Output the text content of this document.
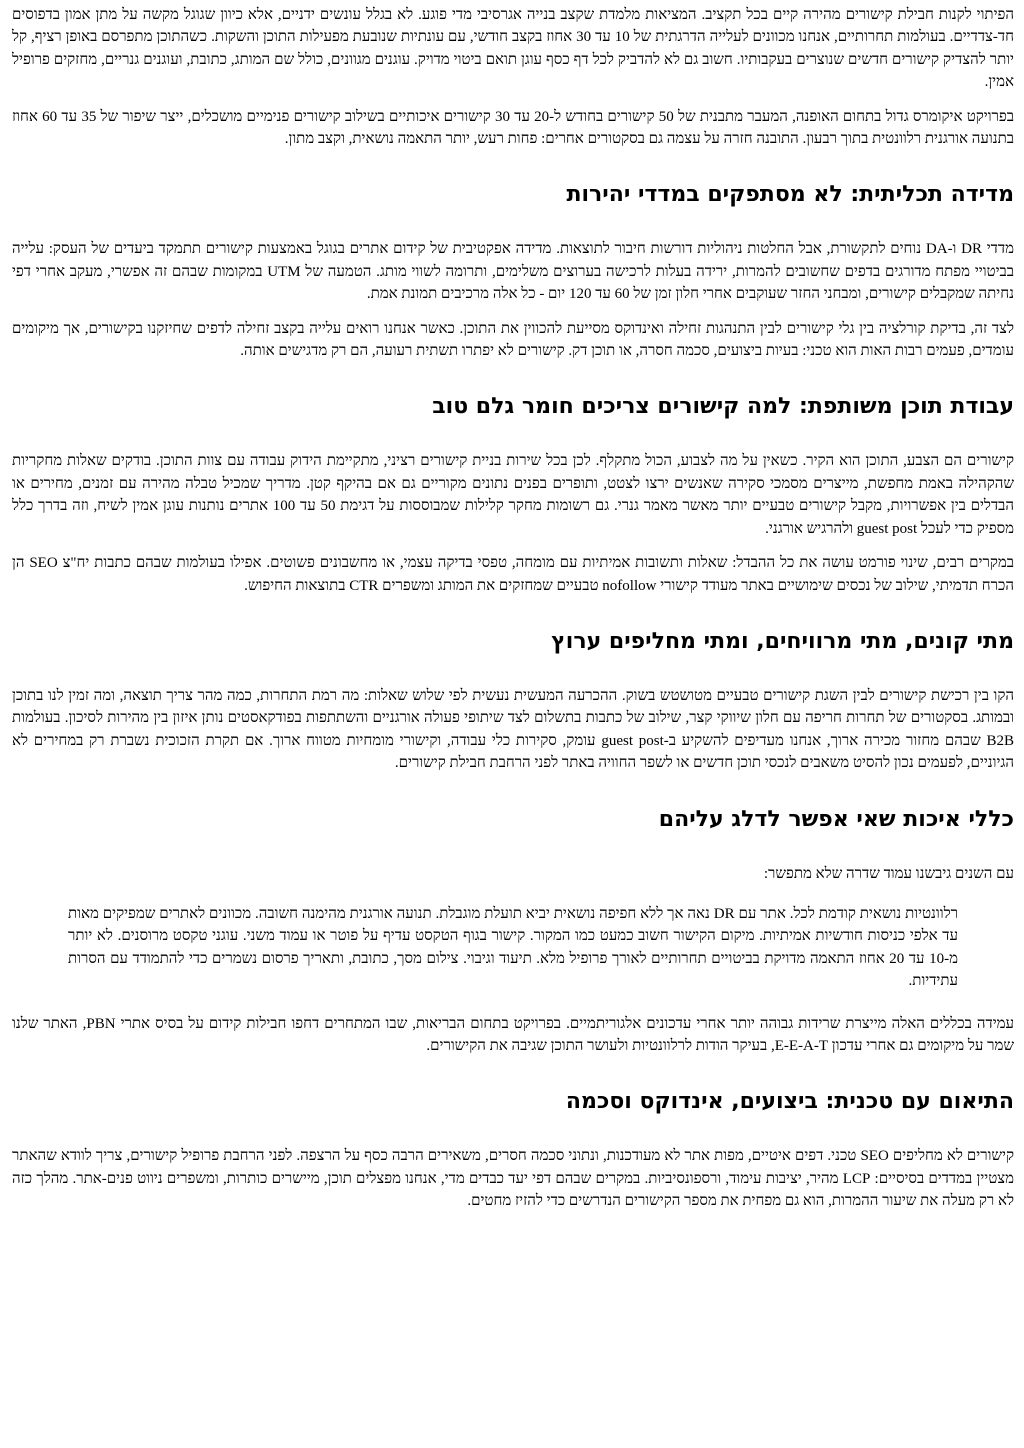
הפיתוי לקנות חבילת קישורים מהירה קיים בכל תקציב. המציאות מלמדת שקצב בנייה אגרסיבי מדי פוגע. לא בגלל עונשים ידניים, אלא כיוון שגוגל מקשה על מתן אמון בדפוסים חד-צדדיים. בעולמות תחרותיים, אנחנו מכוונים לעלייה הדרגתית של 10 עד 30 אחוז בקצב חודשי, עם עונתיות שנובעת מפעילות התוכן והשקות. כשהתוכן מתפרסם באופן רציף, קל יותר להצדיק קישורים חדשים שנוצרים בעקבותיו. חשוב גם לא להדביק לכל דף כסף עוגן תואם ביטוי מדויק. עוגנים מגוונים, כולל שם המותג, כתובת, ועוגנים גנריים, מחזקים פרופיל אמין.

בפרויקט איקומרס גדול בתחום האופנה, המעבר מתבנית של 50 קישורים בחודש ל-20 עד 30 קישורים איכותיים בשילוב קישורים פנימיים מושכלים, ייצר שיפור של 35 עד 60 אחוז בתנועה אורגנית רלוונטית בתוך רבעון. התובנה חזרה על עצמה גם בסקטורים אחרים: פחות רעש, יותר התאמה נושאית, וקצב מתון.

מדידה תכליתית: לא מסתפקים במדדי יהירות

מדדי DR ו-DA נוחים לתקשורת, אבל החלטות ניהוליות דורשות חיבור לתוצאות. מדידה אפקטיבית של קידום אתרים בגוגל באמצעות קישורים תתמקד ביעדים של העסק: עלייה בביטויי מפתח מדורגים בדפים שחשובים להמרות, ירידה בעלות לרכישה בערוצים משלימים, ותרומה לשווי מותג. הטמעה של UTM במקומות שבהם זה אפשרי, מעקב אחרי דפי נחיתה שמקבלים קישורים, ומבחני החזר שעוקבים אחרי חלון זמן של 60 עד 120 יום - כל אלה מרכיבים תמונת אמת.

לצד זה, בדיקת קורלציה בין גלי קישורים לבין התנהגות זחילה ואינדוקס מסייעת להכווין את התוכן. כאשר אנחנו רואים עלייה בקצב זחילה לדפים שחיזקנו בקישורים, אך מיקומים עומדים, פעמים רבות האות הוא טכני: בעיות ביצועים, סכמה חסרה, או תוכן דק. קישורים לא יפתרו תשתית רעועה, הם רק מדגישים אותה.

עבודת תוכן משותפת: למה קישורים צריכים חומר גלם טוב

קישורים הם הצבע, התוכן הוא הקיר. כשאין על מה לצבוע, הכול מתקלף. לכן בכל שירות בניית קישורים רציני, מתקיימת הידוק עבודה עם צוות התוכן. בודקים שאלות מחקריות שהקהילה באמת מחפשת, מייצרים מסמכי סקירה שאנשים ירצו לצטט, ותופרים בפנים נתונים מקוריים גם אם בהיקף קטן. מדריך שמכיל טבלה מהירה עם זמנים, מחירים או הבדלים בין אפשרויות, מקבל קישורים טבעיים יותר מאשר מאמר גנרי. גם רשומות מחקר קלילות שמבוססות על דגימת 50 עד 100 אתרים נותנות עוגן אמין לשיח, וזה בדרך כלל מספיק כדי לעכל guest post ולהרגיש אורגני.

במקרים רבים, שינוי פורמט עושה את כל ההבדל: שאלות ותשובות אמיתיות עם מומחה, טפסי בדיקה עצמי, או מחשבונים פשוטים. אפילו בעולמות שבהם כתבות יח"צ SEO הן הכרח תדמיתי, שילוב של נכסים שימושיים באתר מעודד קישורי nofollow טבעיים שמחזקים את המותג ומשפרים CTR בתוצאות החיפוש.

מתי קונים, מתי מרוויחים, ומתי מחליפים ערוץ

הקו בין רכישת קישורים לבין השגת קישורים טבעיים מטושטש בשוק. ההכרעה המעשית נעשית לפי שלוש שאלות: מה רמת התחרות, כמה מהר צריך תוצאה, ומה זמין לנו בתוכן ובמותג. בסקטורים של תחרות חריפה עם חלון שיווקי קצר, שילוב של כתבות בתשלום לצד שיתופי פעולה אורגניים והשתתפות בפודקאסטים נותן איזון בין מהירות לסיכון. בעולמות B2B שבהם מחזור מכירה ארוך, אנחנו מעדיפים להשקיע ב-guest post עומק, סקירות כלי עבודה, וקישורי מומחיות מטווח ארוך. אם תקרת הזכוכית נשברת רק במחירים לא הגיוניים, לפעמים נכון להסיט משאבים לנכסי תוכן חדשים או לשפר החוויה באתר לפני הרחבת חבילת קישורים.

כללי איכות שאי אפשר לדלג עליהם

עם השנים גיבשנו עמוד שדרה שלא מתפשר:

רלוונטיות נושאית קודמת לכל. אתר עם DR נאה אך ללא חפיפה נושאית יביא תועלת מוגבלת. תנועה אורגנית מהימנה חשובה. מכוונים לאתרים שמפיקים מאות עד אלפי כניסות חודשיות אמיתיות. מיקום הקישור חשוב כמעט כמו המקור. קישור בגוף הטקסט עדיף על פוטר או עמוד משני. עוגני טקסט מרוסנים. לא יותר מ-10 עד 20 אחוז התאמה מדויקת בביטויים תחרותיים לאורך פרופיל מלא. תיעוד וגיבוי. צילום מסך, כתובת, ותאריך פרסום נשמרים כדי להתמודד עם הסרות עתידיות.

עמידה בכללים האלה מייצרת שרידות גבוהה יותר אחרי עדכונים אלגוריתמיים. בפרויקט בתחום הבריאות, שבו המתחרים דחפו חבילות קידום על בסיס אתרי PBN, האתר שלנו שמר על מיקומים גם אחרי עדכון E-E-A-T, בעיקר הודות לרלוונטיות ולעושר התוכן שגיבה את הקישורים.

התיאום עם טכנית: ביצועים, אינדוקס וסכמה

קישורים לא מחליפים SEO טכני. דפים איטיים, מפות אתר לא מעודכנות, ונתוני סכמה חסרים, משאירים הרבה כסף על הרצפה. לפני הרחבת פרופיל קישורים, צריך לוודא שהאתר מצטיין במדדים בסיסיים: LCP מהיר, יציבות עימוד, ורספונסיביות. במקרים שבהם דפי יעד כבדים מדי, אנחנו מפצלים תוכן, מיישרים כותרות, ומשפרים ניווט פנים-אתר. מהלך כזה לא רק מעלה את שיעור ההמרות, הוא גם מפחית את מספר הקישורים הנדרשים כדי להזיז מחטים.
